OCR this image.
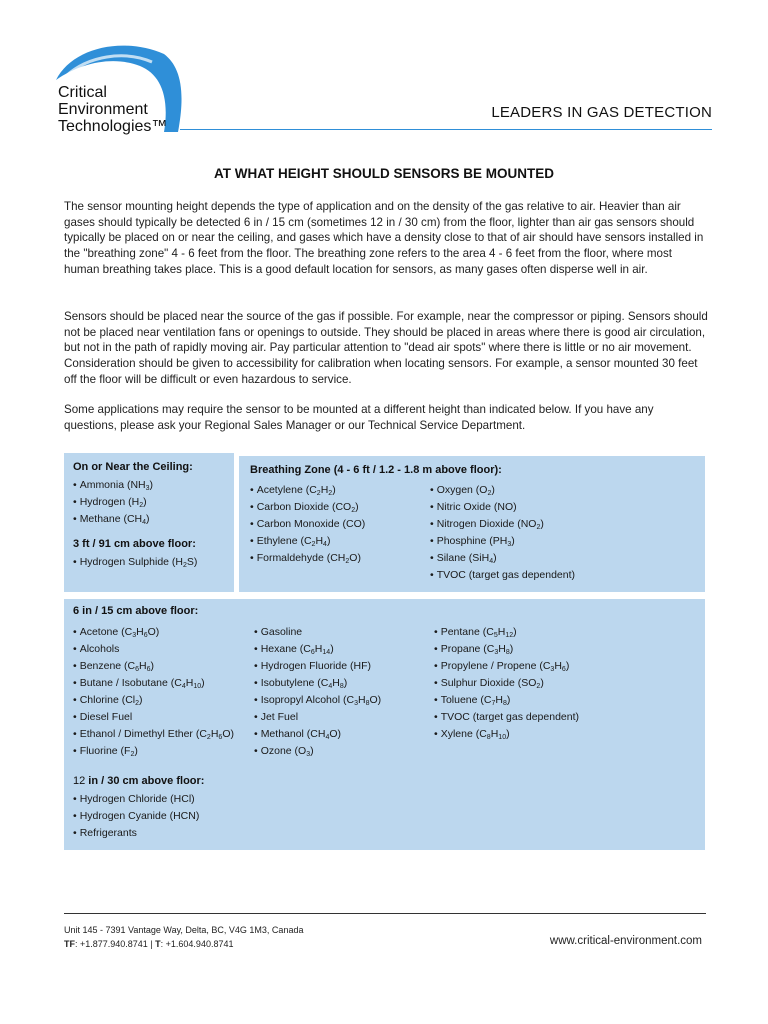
Critical
Environment
Technologies™
LEADERS IN GAS DETECTION
AT WHAT HEIGHT SHOULD SENSORS BE MOUNTED

The sensor mounting height depends the type of application and on the density of the gas relative to air. Heavier than air gases should typically be detected 6 in / 15 cm (sometimes 12 in / 30 cm) from the floor, lighter than air gas sensors should typically be placed on or near the ceiling, and gases which have a density close to that of air should have sensors installed in the "breathing zone" 4 - 6 feet from the floor. The breathing zone refers to the area 4 - 6 feet from the floor, where most human breathing takes place. This is a good default location for sensors, as many gases often disperse well in air.

Sensors should be placed near the source of the gas if possible. For example, near the compressor or piping. Sensors should not be placed near ventilation fans or openings to outside. They should be placed in areas where there is good air circulation, but not in the path of rapidly moving air. Pay particular attention to "dead air spots" where there is little or no air movement. Consideration should be given to accessibility for calibration when locating sensors. For example, a sensor mounted 30 feet off the floor will be difficult or even hazardous to service.

Some applications may require the sensor to be mounted at a different height than indicated below. If you have any questions, please ask your Regional Sales Manager or our Technical Service Department.

On or Near the Ceiling:
• Ammonia $(NH_3)$
• Hydrogen $(H_2)$
• Methane $(CH_4)$
3 ft / 91 cm above floor:
• Hydrogen Sulphide $(H_2S)$
Breathing Zone (4 - 6 ft / 1.2 - 1.8 m above floor):
• Acetylene $(C_2H_2)$
• Carbon Dioxide $(CO_2)$
• Carbon Monoxide (CO)
• Ethylene $(C_2H_4)$
• Formaldehyde $(CH_2O)$
• Oxygen $(O_2)$
• Nitric Oxide (NO)
• Nitrogen Dioxide $(NO_2)$
• Phosphine $(PH_3)$
• Silane (SiH$_4$)
• TVOC (target gas dependent)
6 in / 15 cm above floor:
• Acetone $(C_3H_6O)$
• Alcohols
• Benzene $(C_6H_6)$
• Butane / Isobutane $(C_4H_{10})$
• Chlorine $(Cl_2)$
• Diesel Fuel
• Ethanol / Dimethyl Ether $(C_2H_6O)$
• Fluorine $(F_2)$
• Gasoline
• Hexane $(C_6H_{14})$
• Hydrogen Fluoride (HF)
• Isobutylene $(C_4H_8)$
• Isopropyl Alcohol $(C_3H_8O)$
• Jet Fuel
• Methanol $(CH_4O)$
• Ozone $(O_3)$
• Pentane $(C_5H_{12})$
• Propane $(C_3H_8)$
• Propylene / Propene $(C_3H_6)$
• Sulphur Dioxide $(SO_2)$
• Toluene $(C_7H_8)$
• TVOC (target gas dependent)
• Xylene $(C_8H_{10})$
12 in / 30 cm above floor:
• Hydrogen Chloride (HCl)
• Hydrogen Cyanide (HCN)
• Refrigerants
Unit 145 - 7391 Vantage Way, Delta, BC, V4G 1M3, Canada
TF: +1.877.940.8741 | T: +1.604.940.8741	www.critical-environment.com
